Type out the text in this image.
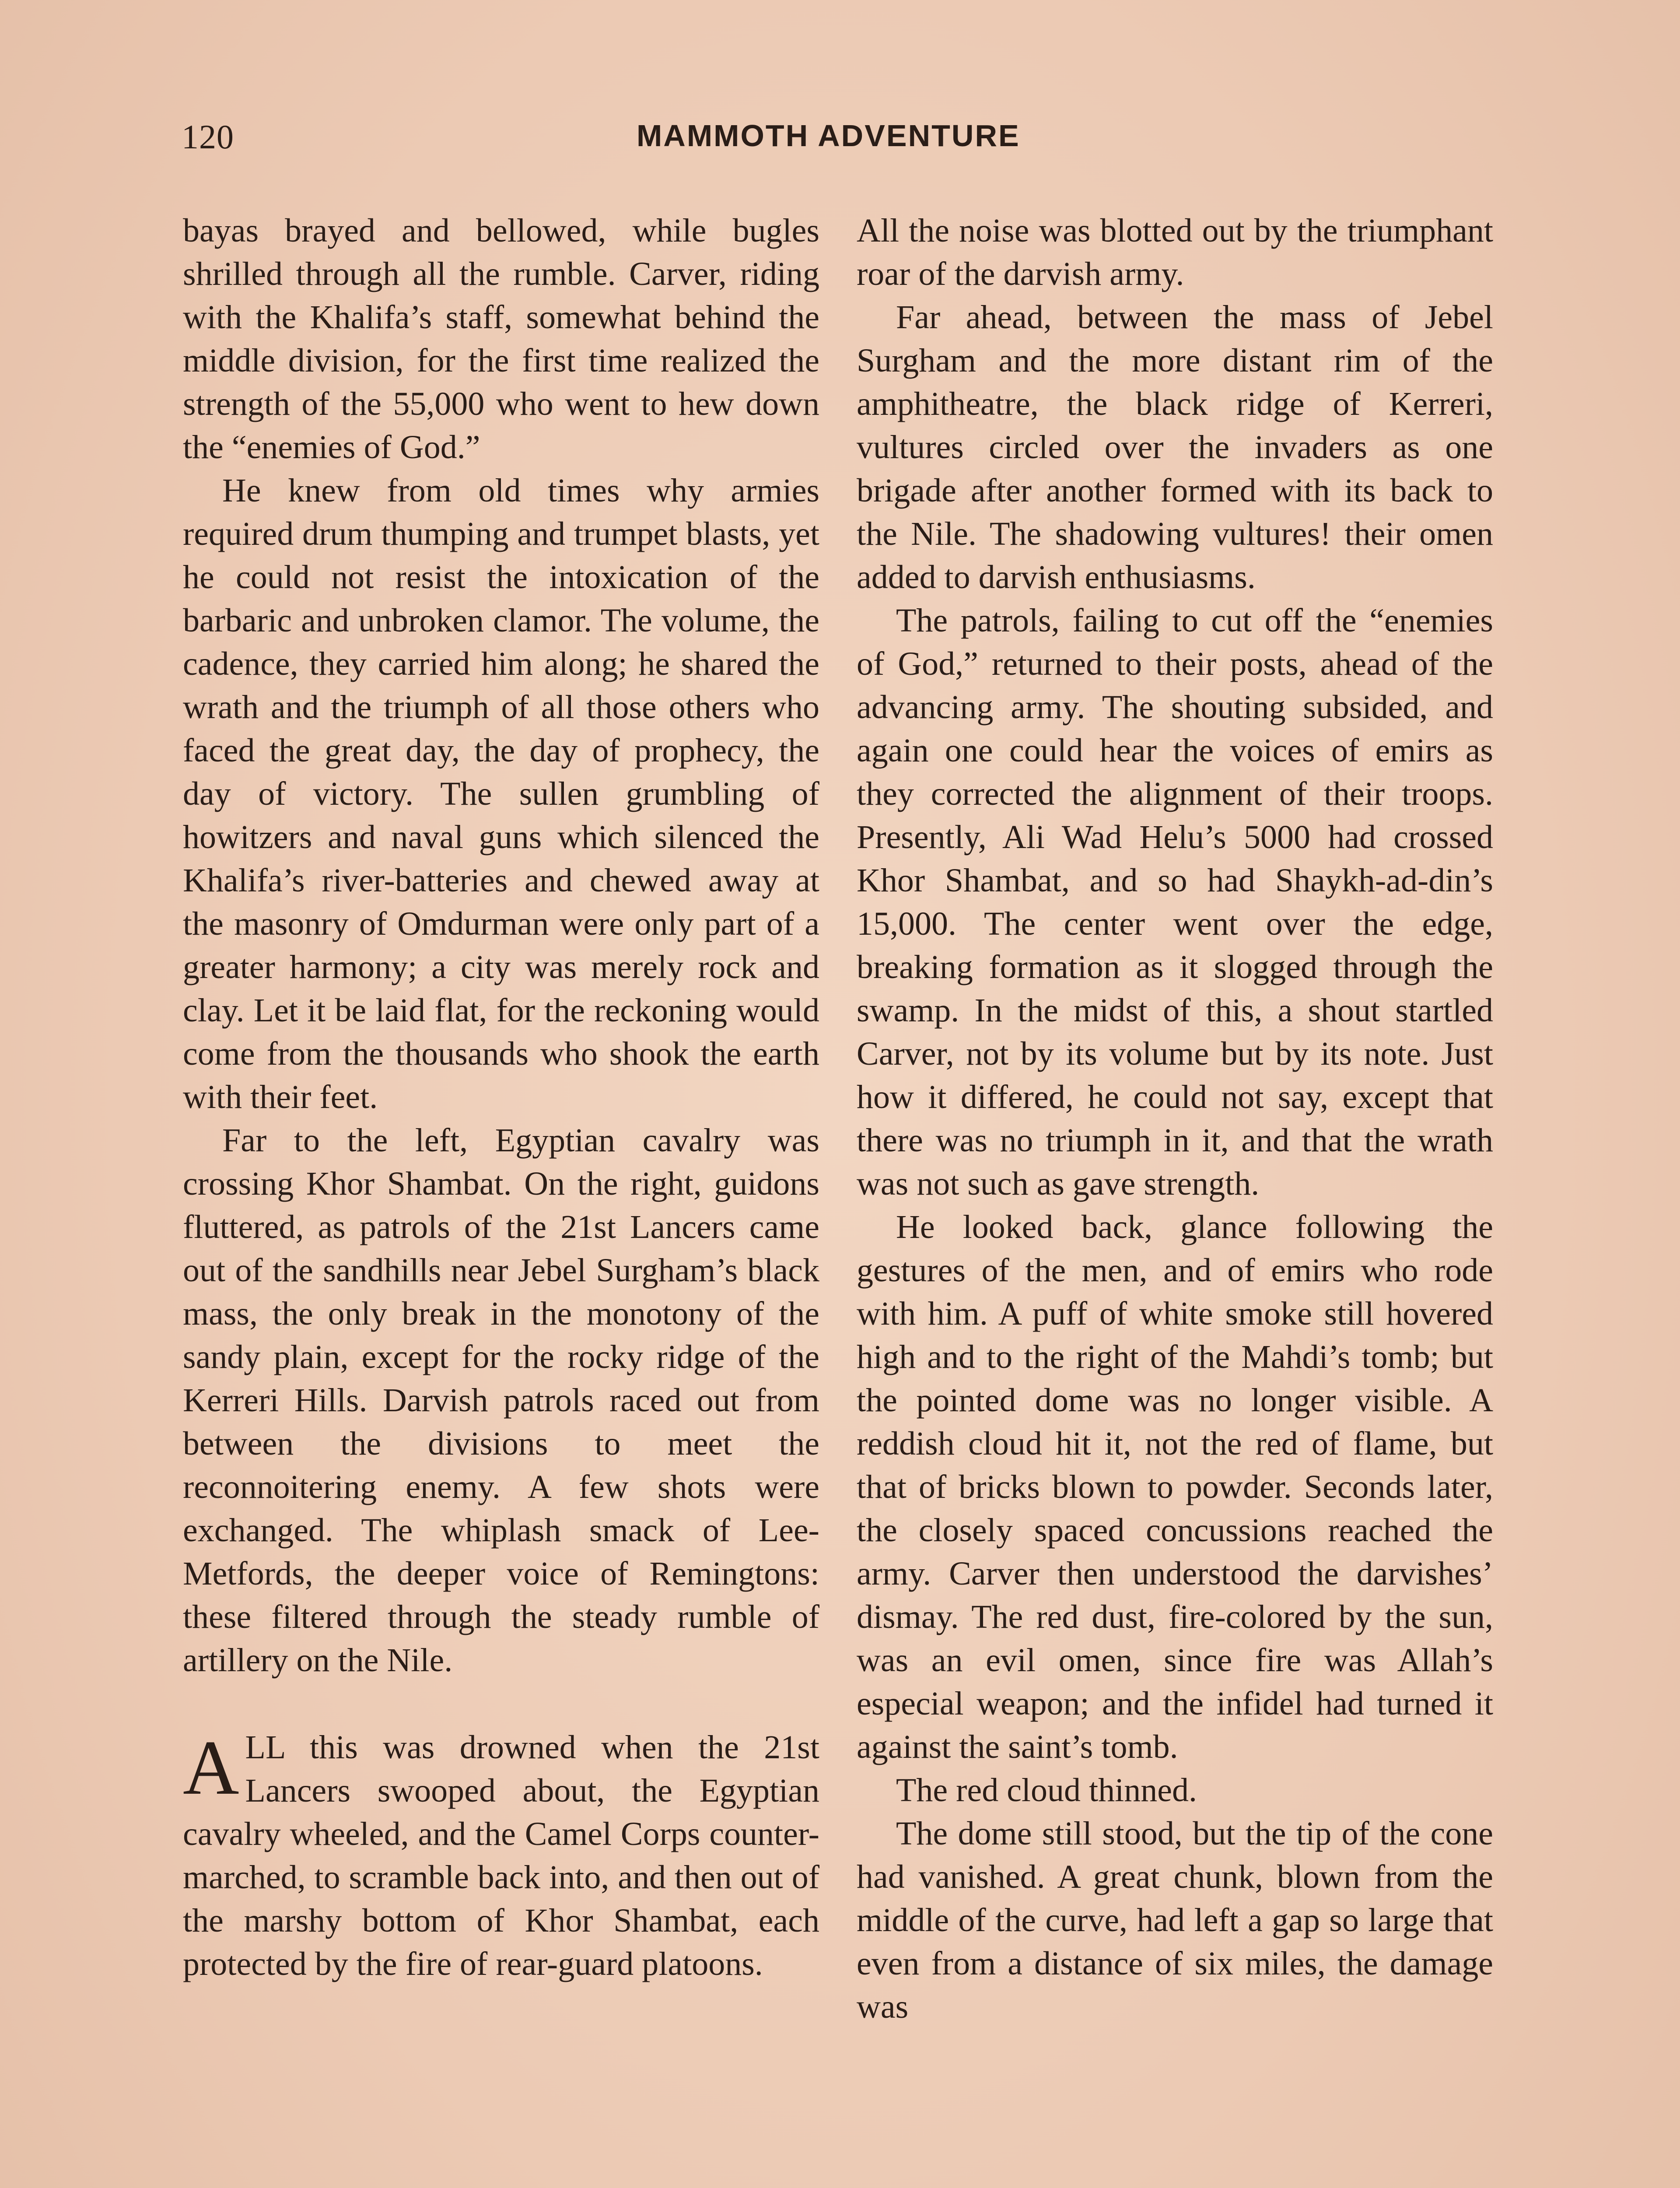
120	MAMMOTH ADVENTURE

bayas brayed and bellowed, while bugles shrilled through all the rumble. Carver, riding with the Khalifa’s staff, somewhat behind the middle division, for the first time realized the strength of the 55,000 who went to hew down the “enemies of God.”

He knew from old times why armies required drum thumping and trumpet blasts, yet he could not resist the intoxication of the barbaric and unbroken clamor. The volume, the cadence, they carried him along; he shared the wrath and the triumph of all those others who faced the great day, the day of prophecy, the day of victory. The sullen grumbling of howitzers and naval guns which silenced the Khalifa’s river-batteries and chewed away at the masonry of Omdurman were only part of a greater harmony; a city was merely rock and clay. Let it be laid flat, for the reckoning would come from the thousands who shook the earth with their feet.

Far to the left, Egyptian cavalry was crossing Khor Shambat. On the right, guidons fluttered, as patrols of the 21st Lancers came out of the sandhills near Jebel Surgham’s black mass, the only break in the monotony of the sandy plain, except for the rocky ridge of the Kerreri Hills. Darvish patrols raced out from between the divisions to meet the reconnoitering enemy. A few shots were exchanged. The whiplash smack of Lee-Metfords, the deeper voice of Remingtons: these filtered through the steady rumble of artillery on the Nile.

ALL this was drowned when the 21st Lancers swooped about, the Egyptian cavalry wheeled, and the Camel Corps counter-marched, to scramble back into, and then out of the marshy bottom of Khor Shambat, each protected by the fire of rear-guard platoons.

All the noise was blotted out by the triumphant roar of the darvish army.

Far ahead, between the mass of Jebel Surgham and the more distant rim of the amphitheatre, the black ridge of Kerreri, vultures circled over the invaders as one brigade after another formed with its back to the Nile. The shadowing vultures! their omen added to darvish enthusiasms.

The patrols, failing to cut off the “enemies of God,” returned to their posts, ahead of the advancing army. The shouting subsided, and again one could hear the voices of emirs as they corrected the alignment of their troops. Presently, Ali Wad Helu’s 5000 had crossed Khor Shambat, and so had Shaykh-ad-din’s 15,000. The center went over the edge, breaking formation as it slogged through the swamp. In the midst of this, a shout startled Carver, not by its volume but by its note. Just how it differed, he could not say, except that there was no triumph in it, and that the wrath was not such as gave strength.

He looked back, glance following the gestures of the men, and of emirs who rode with him. A puff of white smoke still hovered high and to the right of the Mahdi’s tomb; but the pointed dome was no longer visible. A reddish cloud hit it, not the red of flame, but that of bricks blown to powder. Seconds later, the closely spaced concussions reached the army. Carver then understood the darvishes’ dismay. The red dust, fire-colored by the sun, was an evil omen, since fire was Allah’s especial weapon; and the infidel had turned it against the saint’s tomb.

The red cloud thinned.

The dome still stood, but the tip of the cone had vanished. A great chunk, blown from the middle of the curve, had left a gap so large that even from a distance of six miles, the damage was
